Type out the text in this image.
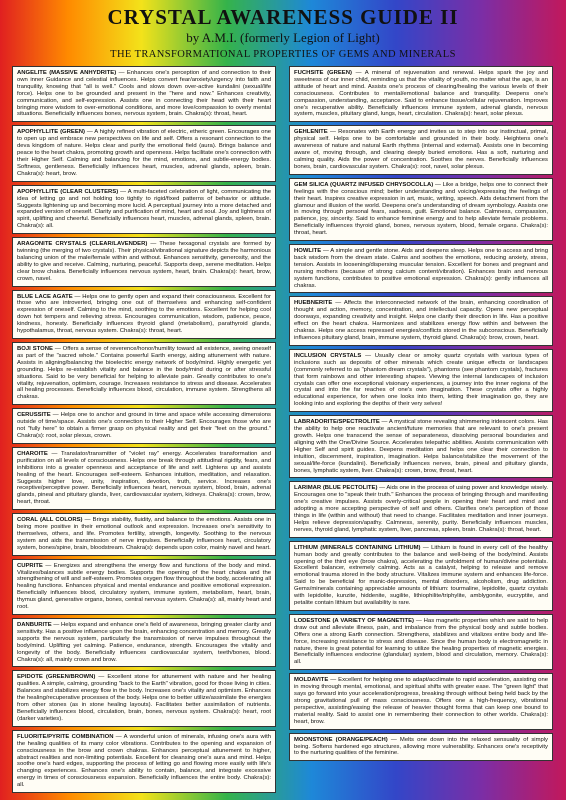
CRYSTAL AWARENESS GUIDE II
by A.M.I. (formerly Legion of Light)
THE TRANSFORMATIONAL PROPERTIES OF GEMS AND MINERALS
ANGELITE (MASSIVE ANHYDRITE) — Enhances one's perception of and connection to their own inner Guidance and celestial influences. Helps convert fear/anxiety/urgency into faith and tranquility, knowing that "all is well." Cools and slows down over-active kundalini (sexual/life force). Helps one to be grounded and present in the "here and now." Enhances creativity, communication, and self-expression. Assists one in connecting their head with their heart bringing more wisdom to over-emotional conditions, and more love/compassion to overly mental situations. Beneficially influences bones, nervous system, brain. Chakra(s): throat, heart.
APOPHYLLITE (GREEN) — A highly refined vibration of electric, etheric green. Encourages one to open up and embrace new perspectives on life and self. Offers a resonant connection to the deva kingdom of nature. Helps clear and purify the emotional field (aura). Brings balance and peace to the heart chakra, promoting growth and openness. Helps facilitate one's connection with their Higher Self. Calming and balancing for the mind, emotions, and subtle-energy bodies. Softness, gentleness. Beneficially influences heart, muscles, adrenal glands, spleen, brain. Chakra(s): heart, brow.
APOPHYLLITE (CLEAR CLUSTERS) — A multi-faceted celebration of light, communicating the idea of letting go and not holding too tightly to rigid/fixed patterns of behavior or attitude. Suggests lightening up and becoming more lucid. A perceptual journey into a more detached and expanded version of oneself. Clarity and purification of mind, heart and soul. Joy and lightness of spirit, uplifting and cheerful. Beneficially influences heart, muscles, adrenal glands, spleen, brain. Chakra(s): all.
ARAGONITE CRYSTALS (CLEAR/LAVENDER) — These hexagonal crystals are formed by twinning (the merging of two crystals). Their physical/vibrational signature depicts the harmonious balancing union of the male/female within and without. Enhances sensitivity, generosity, and the ability to give and receive. Calming, nurturing, peaceful. Supports deep, serene meditation. Helps clear brow chakra. Beneficially influences nervous system, heart, brain. Chakra(s): heart, brow, crown, navel.
BLUE LACE AGATE — Helps one to gently open and expand their consciousness. Excellent for those who are introverted, bringing one out of themselves and enhancing self-confident expression of oneself. Calming to the mind, soothing to the emotions. Excellent for helping cool down hot tempers and relieving stress. Encourages communication, wisdom, patience, peace, kindness, honesty. Beneficially influences thyroid gland (metabolism), parathyroid glands, hypothalamus, throat, nervous system. Chakra(s): throat, heart.
BOJI STONE — Offers a sense of reverence/honor/humility toward all existence, seeing oneself as part of the "sacred whole." Contains powerful Earth energy, aiding attunement with nature. Assists in aligning/balancing the bioelectric energy network of body/mind. Highly energetic yet grounding. Helps re-establish vitality and balance in the body/mind during or after stressful situations. Said to be very beneficial for helping to alleviate pain. Greatly contributes to one's vitality, rejuvenation, optimism, courage. Increases resistance to stress and disease. Accelerates all healing processes. Beneficially influences blood, circulation, immune system. Strengthens all chakras.
CERUSSITE — Helps one to anchor and ground in time and space while accessing dimensions outside of time/space. Assists one's connection to their Higher Self. Encourages those who are not "fully here" to obtain a firmer grasp on physical reality and get their "feet on the ground." Chakra(s): root, solar plexus, crown.
CHAROITE — Translator/transmitter of "violet ray" energy. Accelerates transformation and purification on all levels of consciousness. Helps one break through attitudinal rigidity, fears, and inhibitions into a greater openness and acceptance of life and self. Lightens up and assists healing of the heart. Encourages self-esteem. Enhances intuition, meditation, and relaxation. Suggests higher love, unity, inspiration, devotion, truth, service. Increases one's receptive/perceptive power. Beneficially influences heart, nervous system, blood, brain, adrenal glands, pineal and pituitary glands, liver, cardiovascular system, kidneys. Chakra(s): crown, brow, heart, throat.
CORAL (ALL COLORS) — Brings stability, fluidity, and balance to the emotions. Assists one in being more positive in their emotional outlook and expression. Increases one's sensitivity to themselves, others, and life. Promotes fertility, strength, longevity. Soothing to the nervous system and aids the transmission of nerve impulses. Beneficially influences heart, circulatory system, bones/spine, brain, bloodstream. Chakra(s): depends upon color, mainly navel and heart.
CUPRITE — Energizes and strengthens the energy flow and functions of the body and mind. Vitalizes/balances subtle energy bodies. Supports the opening of the heart chakra and the strengthening of will and self-esteem. Promotes oxygen flow throughout the body, accelerating all healing functions. Enhances physical and mental endurance and positive emotional expression. Beneficially influences blood, circulatory system, immune system, metabolism, heart, brain, thymus gland, generative organs, bones, central nervous system. Chakra(s): all, mainly heart and root.
DANBURITE — Helps expand and enhance one's field of awareness, bringing greater clarity and sensitivity. Has a positive influence upon the brain, enhancing concentration and memory. Greatly supports the nervous system, particularly the transmission of nerve impulses throughout the body/mind. Uplifting yet calming. Patience, endurance, strength. Encourages the vitality and longevity of the body. Beneficially influences cardiovascular system, teeth/bones, blood. Chakra(s): all, mainly crown and brow.
EPIDOTE (GREEN/BROWN) — Excellent stone for attunement with nature and her healing qualities. A simple, calming, grounding "back to the Earth" vibration, good for those living in cities. Balances and stabilizes energy flow in the body. Increases one's vitality and optimism. Enhances the healing/recuperative processes of the body. Helps one to better utilize/assimilate the energies from other stones (as in stone healing layouts). Facilitates better assimilation of nutrients. Beneficially influences blood, circulation, brain, bones, nervous system. Chakra(s): heart, root (darker varieties).
FLUORITE/PYRITE COMBINATION — A wonderful union of minerals, infusing one's aura with the healing qualities of its many color vibrations. Contributes to the opening and expansion of consciousness in the brow and crown chakras. Enhances perceptual attunement to higher, abstract realities and non-limiting potentials. Excellent for cleansing one's aura and mind. Helps soothe one's hard edges, supporting the process of letting go and flowing more easily with life's changing experiences. Enhances one's ability to contain, balance, and integrate excessive energy in times of consciousness expansion. Beneficially influences the entire body. Chakra(s): all.
FUCHSITE (GREEN) — A mineral of rejuvenation and renewal. Helps spark the joy and sweetness of our inner child, reminding us that the vitality of youth, no matter what the age, is an attitude of heart and mind. Assists one's process of clearing/healing the various levels of their consciousness. Contributes to mental/emotional balance and tranquility. Deepens one's compassion, understanding, acceptance. Said to enhance tissue/cellular rejuvenation. Improves one's recuperative ability. Beneficially influences immune system, adrenal glands, nervous system, muscles, pituitary gland, lungs, heart, circulation. Chakra(s): heart, solar plexus.
GEHLENITE — Resonates with Earth energy and invites us to step into our instinctual, primal, physical self. Helps one to be comfortable and grounded in their body. Heightens one's awareness of nature and natural Earth rhythms (internal and external). Assists one in becoming aware of, moving through, and clearing deeply buried emotions. Has a soft, nurturing and calming quality. Aids the power of concentration. Soothes the nerves. Beneficially influences bones, brain, cardiovascular system. Chakra(s): root, navel, solar plexus.
GEM SILICA (QUARTZ INFUSED CHRYSOCOLLA) — Like a bridge, helps one to connect their feelings with the conscious mind; better understanding and voicing/expressing the feelings of their heart. Inspires creative expression in art, music, writing, speech. Aids detachment from the glamour and illusion of the world. Deepens one's understanding of dream symbology. Assists one in moving through personal fears, sadness, guilt. Emotional balance. Calmness, compassion, patience, joy, sincerity. Said to enhance feminine energy and to help alleviate female problems. Beneficially influences thyroid gland, bones, nervous system, blood, female organs. Chakra(s): throat, heart.
HOWLITE — A simple and gentle stone. Aids and deepens sleep. Helps one to access and bring back wisdom from the dream state. Calms and soothes the emotions, reducing anxiety, stress, tension. Assists in loosening/dispersing muscular tension. Excellent for bones and pregnant and nursing mothers (because of strong calcium content/vibration). Enhances brain and nervous system functions, contributes to positive emotional expression. Chakra(s): gently influences all chakras.
HUEBNERITE — Affects the interconnected network of the brain, enhancing coordination of thought and action, memory, concentration, and intellectual capacity. Opens new perceptual doorways, expanding creativity and insight. Helps one clarify their direction in life. Has a positive effect on the heart chakra. Harmonizes and stabilizes energy flow within and between the chakras. Helps one access repressed energies/conflicts stored in the subconscious. Beneficially influences pituitary gland, brain, immune system, thyroid gland. Chakra(s): brow, crown, heart.
INCLUSION CRYSTALS — Usually clear or smoky quartz crystals with various types of inclusions such as deposits of other minerals which create unique effects or landscapes (commonly referred to as "phantom dream crystals"), phantoms (see phantom crystals), fractures that form rainbows and other interesting shapes. Viewing the internal landscapes of inclusion crystals can offer one exceptional visionary experiences, a journey into the inner regions of the crystal and into the far reaches of one's own imagination. These crystals offer a highly educational experience, for when one looks into them, letting their imagination go, they are looking into and exploring the depths of their very selves!
LABRADORITE/SPECTROLITE — A mystical stone revealing shimmering iridescent colors. Has the ability to help one reactivate ancient/future memories that are relevant to one's present growth. Helps one transcend the sense of separateness, dissolving personal boundaries and aligning with the One/Divine Source. Accelerates telepathic abilities. Assists communication with Higher Self and spirit guides. Deepens meditation and helps one clear their connection to intuition, discernment, inspiration, imagination. Helps balance/stabilize the movement of the sexual/life-force (kundalini). Beneficially influences nerves, brain, pineal and pituitary glands, bones, lymphatic system, liver. Chakra(s): crown, brow, throat, heart.
LARIMAR (BLUE PECTOLITE) — Aids one in the process of using power and knowledge wisely. Encourages one to "speak their truth." Enhances the process of bringing through and manifesting one's creative impulses. Assists overly-critical people in opening their heart and mind and adopting a more accepting perspective of self and others. Clarifies one's perception of those things in life (within and without) that need to change. Facilitates meditation and inner journeys. Helps relieve depression/apathy. Calmness, serenity, purity. Beneficially influences muscles, nerves, thyroid gland, lymphatic system, liver, pancreas, spleen, brain. Chakra(s): throat, heart.
LITHIUM (MINERALS CONTAINING LITHIUM) — Lithium is found in every cell of the healthy human body and greatly contributes to the balance and well-being of the body/mind. Assists opening of the third eye (brow chakra), accelerating the unfoldment of human/divine potentials. Excellent balancer, extremely calming. Acts as a catalyst, helping to release and remove emotional trauma stored in the body structure. Vitalizes immune system and enhances life-force. Said to be beneficial for manic-depression, mental disorders, alcoholism, drug addiction. Gems/minerals containing appreciable amounts of lithium: tourmaline, lepidolite, quartz crystals with lepidolite, kunzite, hiddenite, sugilite, lithiophilite/triphylite, amblygonite, eucryptite, and petalite contain lithium but availability is rare.
LODESTONE (A VARIETY OF MAGNETITE) — Has magnetic properties which are said to help draw out and alleviate illness, pain, and imbalance from the physical body and subtle bodies. Offers one a strong Earth connection. Strengthens, stabilizes and vitalizes entire body and life-force, increasing resistance to stress and disease. Since the human body is electromagnetic in nature, there is great potential for learning to utilize the healing properties of magnetic energies. Beneficially influences endocrine (glandular) system, blood and circulation, memory. Chakra(s): all.
MOLDAVITE — Excellent for helping one to adapt/acclimate to rapid acceleration, assisting one in moving through mental, emotional, and spiritual shifts with greater ease. The "green light" that says go forward into your acceleration/progress, breaking through without being held back by the strong gravitational pull of mass consciousness. Offers one a high-frequency, vibrational perspective, assisting/easing the release of heavier thought forms that can keep one bound to material reality. Said to assist one in remembering their connection to other worlds. Chakra(s): heart, brow.
MOONSTONE (ORANGE/PEACH) — Melts one down into the relaxed sensuality of simply being. Softens hardened ego structures, allowing more vulnerability. Enhances one's receptivity to the nurturing qualities of the feminine.
